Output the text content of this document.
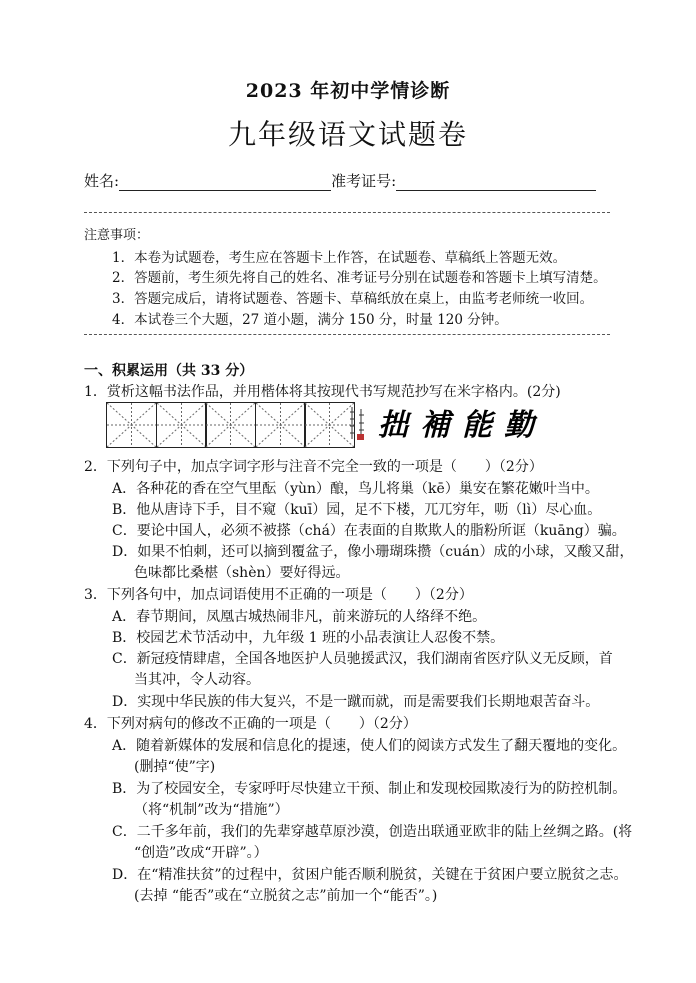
2023 年初中学情诊断
九年级语文试题卷
姓名:	准考证号:
注意事项：
1．本卷为试题卷，考生应在答题卡上作答，在试题卷、草稿纸上答题无效。
2．答题前，考生须先将自己的姓名、准考证号分别在试题卷和答题卡上填写清楚。
3．答题完成后，请将试题卷、答题卡、草稿纸放在桌上，由监考老师统一收回。
4．本试卷三个大题，27 道小题，满分 150 分，时量 120 分钟。
一、积累运用（共 33 分）
1．赏析这幅书法作品，并用楷体将其按现代书写规范抄写在米字格内。(2分)
拙補能勤
2．下列句子中，加点字词字形与注音不完全一致的一项是（　　）（2分）
A．各种花的香在空气里酝（yùn）酿，鸟儿将巢（kē）巢安在繁花嫩叶当中。
B．他从唐诗下手，目不窥（kuī）园，足不下楼，兀兀穷年，呖（lì）尽心血。
C．要论中国人，必须不被搽（chá）在表面的自欺欺人的脂粉所诓（kuāng）骗。
D．如果不怕刺，还可以摘到覆盆子，像小珊瑚珠攒（cuán）成的小球，又酸又甜，
色味都比桑椹（shèn）要好得远。
3．下列各句中，加点词语使用不正确的一项是（　　）（2分）
A．春节期间，凤凰古城热闹非凡，前来游玩的人络绎不绝。
B．校园艺术节活动中，九年级 1 班的小品表演让人忍俊不禁。
C．新冠疫情肆虐，全国各地医护人员驰援武汉，我们湖南省医疗队义无反顾，首
当其冲，令人动容。
D．实现中华民族的伟大复兴，不是一蹴而就，而是需要我们长期地艰苦奋斗。
4．下列对病句的修改不正确的一项是（　　）（2分）
A．随着新媒体的发展和信息化的提速，使人们的阅读方式发生了翻天覆地的变化。
(删掉“使”字)
B．为了校园安全，专家呼吁尽快建立干预、制止和发现校园欺凌行为的防控机制。
（将“机制”改为“措施”）
C．二千多年前，我们的先辈穿越草原沙漠，创造出联通亚欧非的陆上丝绸之路。(将
“创造”改成“开辟”。）
D．在“精准扶贫”的过程中，贫困户能否顺利脱贫，关键在于贫困户要立脱贫之志。
(去掉 “能否”或在“立脱贫之志”前加一个“能否”。)
